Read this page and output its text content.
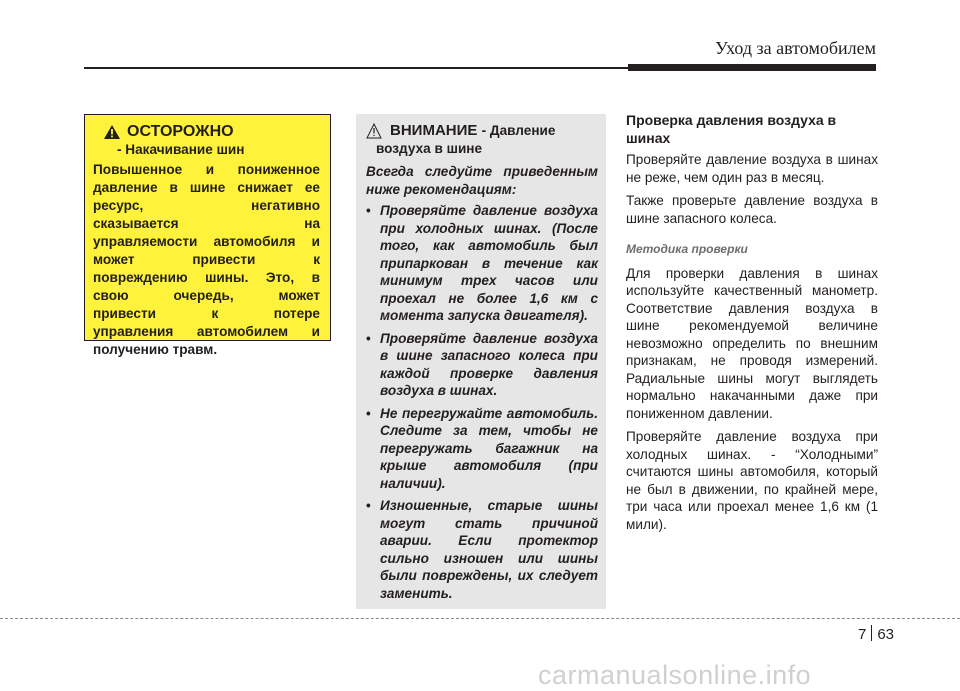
Уход за автомобилем
ОСТОРОЖНО
- Накачивание шин
Повышенное и пониженное
давление в шине снижает ее
ресурс, негативно
сказывается на
управляемости автомобиля и
может привести к
повреждению шины. Это, в
свою очередь, может
привести к потере
управления автомобилем и
получению травм.
ВНИМАНИЕ - Давление
воздуха в шине
Всегда следуйте приведенным ниже рекомендациям:
• Проверяйте давление воздуха при холодных шинах. (После того, как автомобиль был припаркован в течение как минимум трех часов или проехал не более 1,6 км с момента запуска двигателя).
• Проверяйте давление воздуха в шине запасного колеса при каждой проверке давления воздуха в шинах.
• Не перегружайте автомобиль. Следите за тем, чтобы не перегружать багажник на крыше автомобиля (при наличии).
• Изношенные, старые шины могут стать причиной аварии. Если протектор сильно изношен или шины были повреждены, их следует заменить.
Проверка давления воздуха в шинах

Проверяйте давление воздуха в шинах не реже, чем один раз в месяц.

Также проверьте давление воздуха в шине запасного колеса.

Методика проверки

Для проверки давления в шинах используйте качественный манометр. Соответствие давления воздуха в шине рекомендуемой величине невозможно определить по внешним признакам, не проводя измерений. Радиальные шины могут выглядеть нормально накачанными даже при пониженном давлении.

Проверяйте давление воздуха при холодных шинах. - “Холодными” считаются шины автомобиля, который не был в движении, по крайней мере, три часа или проехал менее 1,6 км (1 мили).

7 63
carmanualsonline.info
